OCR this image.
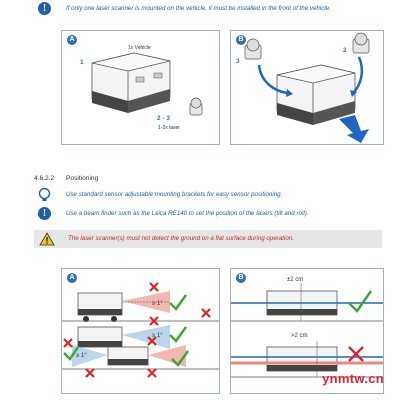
!	If only one laser scanner is mounted on the vehicle, it must be installed in the front of the vehicle.
A
1x Vehicle
1
2 - 3
1-2x laser
B
3
2
4.6.2.2 Positioning
Use standard sensor adjustable mounting brackets for easy sensor positioning.
!	Use a beam finder such as the Leica RE140 to set the position of the lasers (tilt and roll).
The laser scanner(s) must not detect the ground on a flat surface during operation.
A
≥ 1°
≥ 1°
≥ 1°
B	±2 cm
>2 cm
ynmtw.cn
